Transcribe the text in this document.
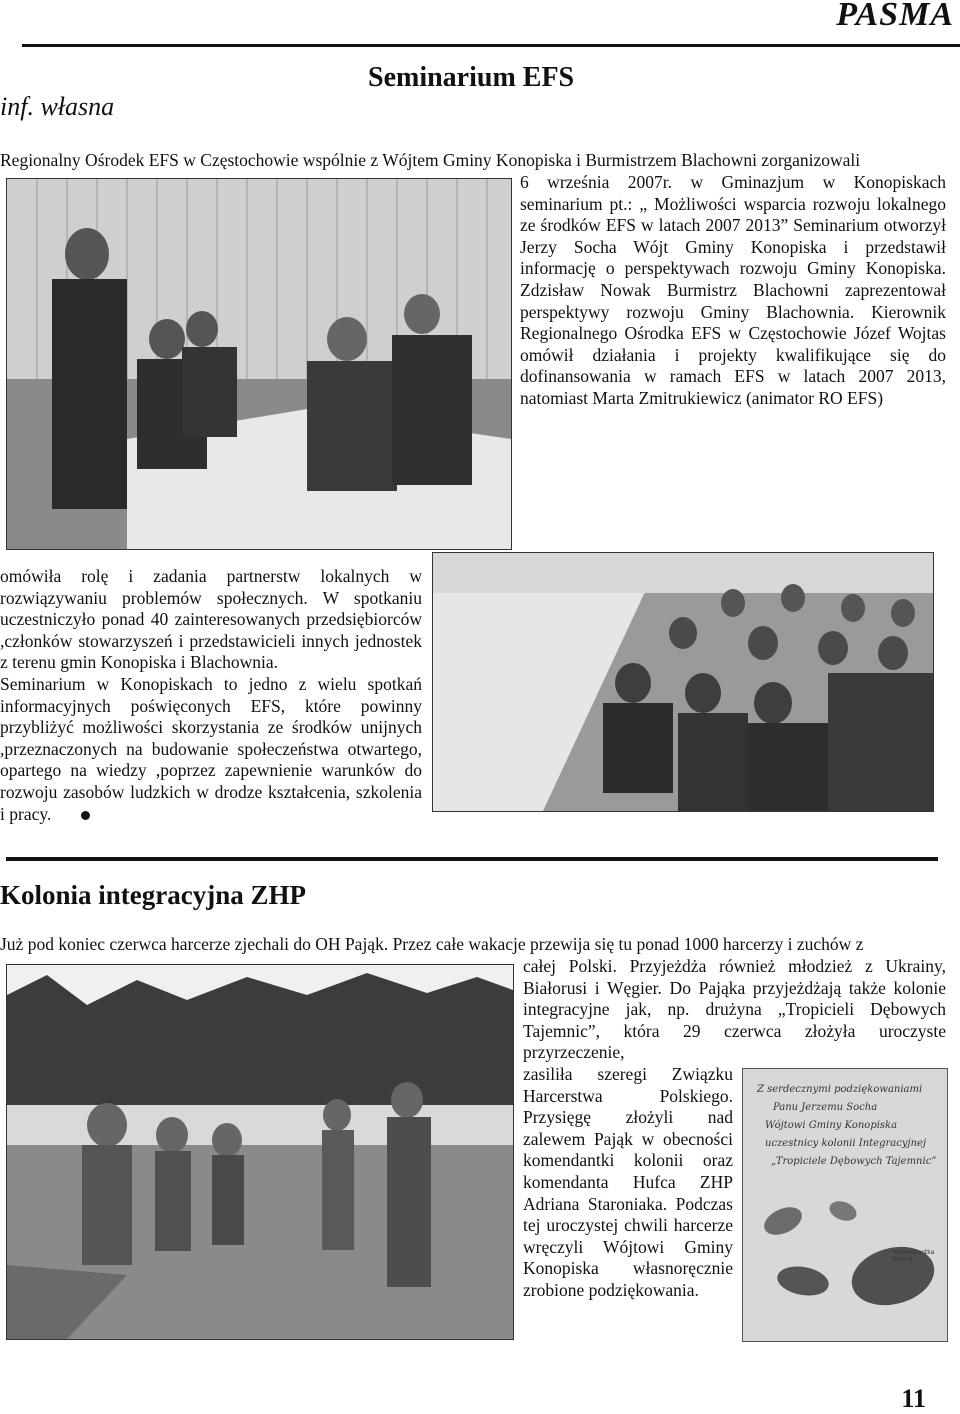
PASMA
inf. własna
Seminarium EFS

Regionalny Ośrodek EFS w Częstochowie wspólnie z Wójtem Gminy Konopiska i Burmistrzem Blachowni zorganizowali

6 września 2007r. w Gminazjum w Konopiskach seminarium pt.: „ Możliwości wsparcia rozwoju lokalnego ze środków EFS w latach 2007 2013” Seminarium otworzył Jerzy Socha Wójt Gminy Konopiska i przedstawił informację o perspektywach rozwoju Gminy Konopiska. Zdzisław Nowak Burmistrz Blachowni zaprezentował perspektywy rozwoju Gminy Blachownia. Kierownik Regionalnego Ośrodka EFS w Częstochowie Józef Wojtas omówił działania i projekty kwalifikujące się do dofinansowania w ramach EFS w latach 2007 2013, natomiast Marta Zmitrukiewicz (animator RO EFS)

omówiła rolę i zadania partnerstw lokalnych w rozwiązywaniu problemów społecznych. W spotkaniu uczestniczyło ponad 40 zainteresowanych przedsiębiorców ,członków stowarzyszeń i przedstawicieli innych jednostek z terenu gmin Konopiska i Blachownia.

Seminarium w Konopiskach to jedno z wielu spotkań informacyjnych poświęconych EFS, które powinny przybliżyć możliwości skorzystania ze środków unijnych ,przeznaczonych na budowanie społeczeństwa otwartego, opartego na wiedzy ,poprzez zapewnienie warunków do rozwoju zasobów ludzkich w drodze kształcenia, szkolenia i pracy.

Kolonia integracyjna ZHP

Już pod koniec czerwca harcerze zjechali do OH Pająk. Przez całe wakacje przewija się tu ponad 1000 harcerzy i zuchów z

całej Polski. Przyjeżdża również młodzież z Ukrainy, Białorusi i Węgier. Do Pająka przyjeżdżają także kolonie integracyjne jak, np. drużyna „Tropicieli Dębowych Tajemnic”, która 29 czerwca złożyła uroczyste przyrzeczenie,

zasiliła szeregi Związku Harcerstwa Polskiego. Przysięgę złożyli nad zalewem Pająk w obecności komendantki kolonii oraz komendanta Hufca ZHP Adriana Staroniaka. Podczas tej uroczystej chwili harcerze wręczyli Wójtowi Gminy Konopiska własnoręcznie zrobione podziękowania.

Z serdecznymi podziękowaniami
Panu Jerzemu Socha
Wójtowi Gminy Konopiska
uczestnicy kolonii Integracyjnej
„Tropiciele Dębowych Tajemnic”
Komendantka kolonii
11
